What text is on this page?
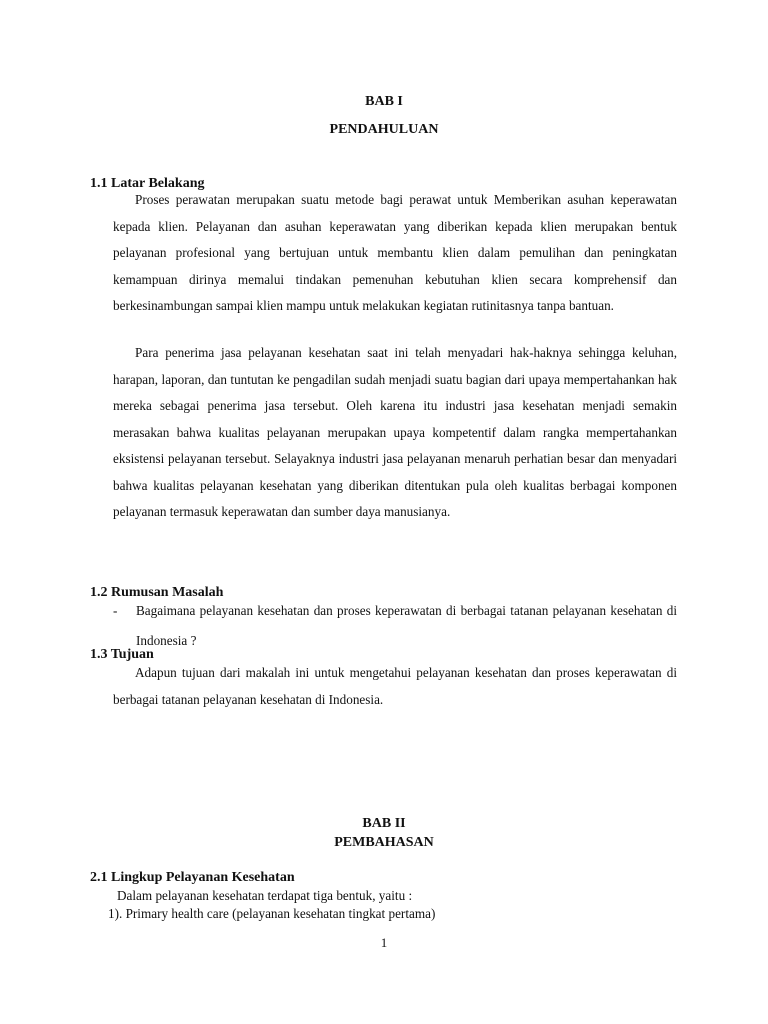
BAB I
PENDAHULUAN
1.1 Latar Belakang

Proses perawatan merupakan suatu metode bagi perawat untuk Memberikan asuhan keperawatan kepada klien. Pelayanan dan asuhan keperawatan yang diberikan kepada klien merupakan bentuk pelayanan profesional yang bertujuan untuk membantu klien dalam pemulihan dan peningkatan kemampuan dirinya memalui tindakan pemenuhan kebutuhan klien secara komprehensif dan berkesinambungan sampai klien mampu untuk melakukan kegiatan rutinitasnya tanpa bantuan.

Para penerima jasa pelayanan kesehatan saat ini telah menyadari hak-haknya sehingga keluhan, harapan, laporan, dan tuntutan ke pengadilan sudah menjadi suatu bagian dari upaya mempertahankan hak mereka sebagai penerima jasa tersebut. Oleh karena itu industri jasa kesehatan menjadi semakin merasakan bahwa kualitas pelayanan merupakan upaya kompetentif dalam rangka mempertahankan eksistensi pelayanan tersebut. Selayaknya industri jasa pelayanan menaruh perhatian besar dan menyadari bahwa kualitas pelayanan kesehatan yang diberikan ditentukan pula oleh kualitas berbagai komponen pelayanan termasuk keperawatan dan sumber daya manusianya.

1.2 Rumusan Masalah
- Bagaimana pelayanan kesehatan dan proses keperawatan di berbagai tatanan pelayanan kesehatan di Indonesia ?
1.3 Tujuan

Adapun tujuan dari makalah ini untuk mengetahui pelayanan kesehatan dan proses keperawatan di berbagai tatanan pelayanan kesehatan di Indonesia.

BAB II
PEMBAHASAN
2.1 Lingkup Pelayanan Kesehatan
Dalam pelayanan kesehatan terdapat tiga bentuk, yaitu :
1). Primary health care (pelayanan kesehatan tingkat pertama)
1
